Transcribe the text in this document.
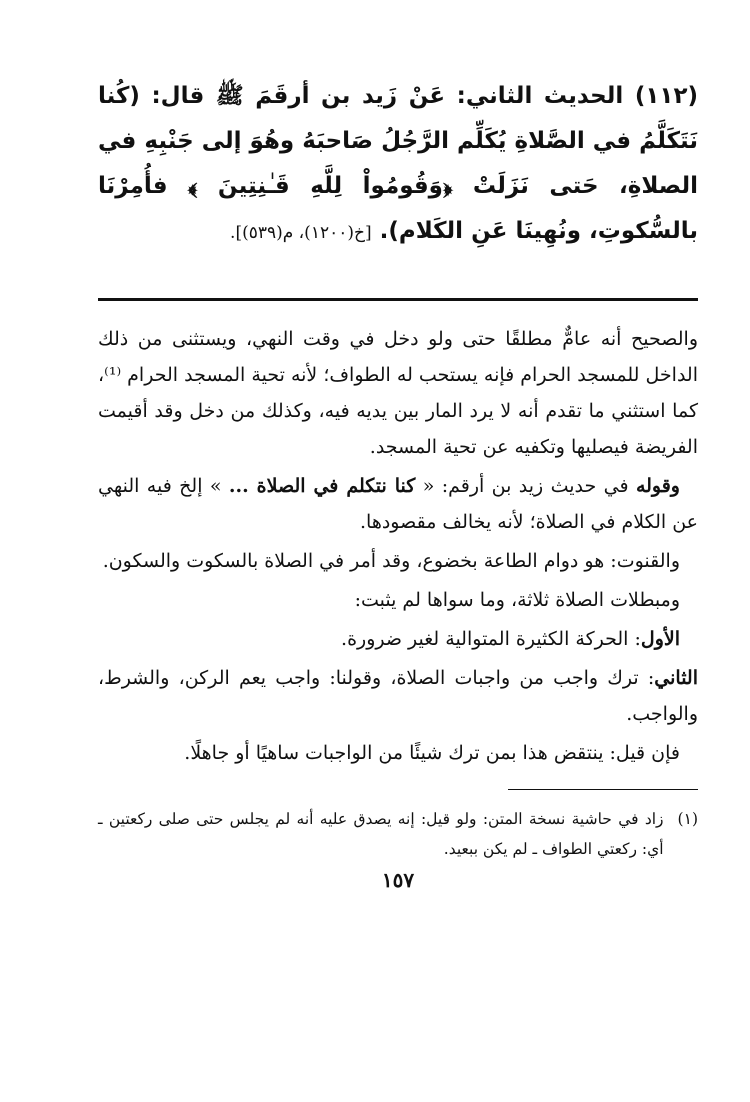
(١١٢) الحديث الثاني: عَنْ زَيد بن أرقَمَ ﷺ قال: (كُنا نَتَكَلَّمُ في الصَّلاةِ يُكَلِّم الرَّجُلُ صَاحبَهُ وهُوَ إلى جَنْبِهِ في الصلاةِ، حَتى نَزَلَتْ ﴿وَقُومُواْ لِلَّهِ قَـٰنِتِينَ ﴾ فأُمِرْنَا بالسُّكوتِ، ونُهِينَا عَنِ الكَلام). [خ(١٢٠٠)، م(٥٣٩)].

والصحيح أنه عامٌّ مطلقًا حتى ولو دخل في وقت النهي، ويستثنى من ذلك الداخل للمسجد الحرام فإنه يستحب له الطواف؛ لأنه تحية المسجد الحرام ⁽¹⁾، كما استثني ما تقدم أنه لا يرد المار بين يديه فيه، وكذلك من دخل وقد أقيمت الفريضة فيصليها وتكفيه عن تحية المسجد.

وقوله في حديث زيد بن أرقم: « كنا نتكلم في الصلاة ... » إلخ فيه النهي عن الكلام في الصلاة؛ لأنه يخالف مقصودها.

والقنوت: هو دوام الطاعة بخضوع، وقد أمر في الصلاة بالسكوت والسكون.

ومبطلات الصلاة ثلاثة، وما سواها لم يثبت:

الأول: الحركة الكثيرة المتوالية لغير ضرورة.

الثاني: ترك واجب من واجبات الصلاة، وقولنا: واجب يعم الركن، والشرط، والواجب.

فإن قيل: ينتقض هذا بمن ترك شيئًا من الواجبات ساهيًا أو جاهلًا.

(١)
زاد في حاشية نسخة المتن: ولو قيل: إنه يصدق عليه أنه لم يجلس حتى صلى ركعتين ـ أي: ركعتي الطواف ـ لم يكن ببعيد.
١٥٧
